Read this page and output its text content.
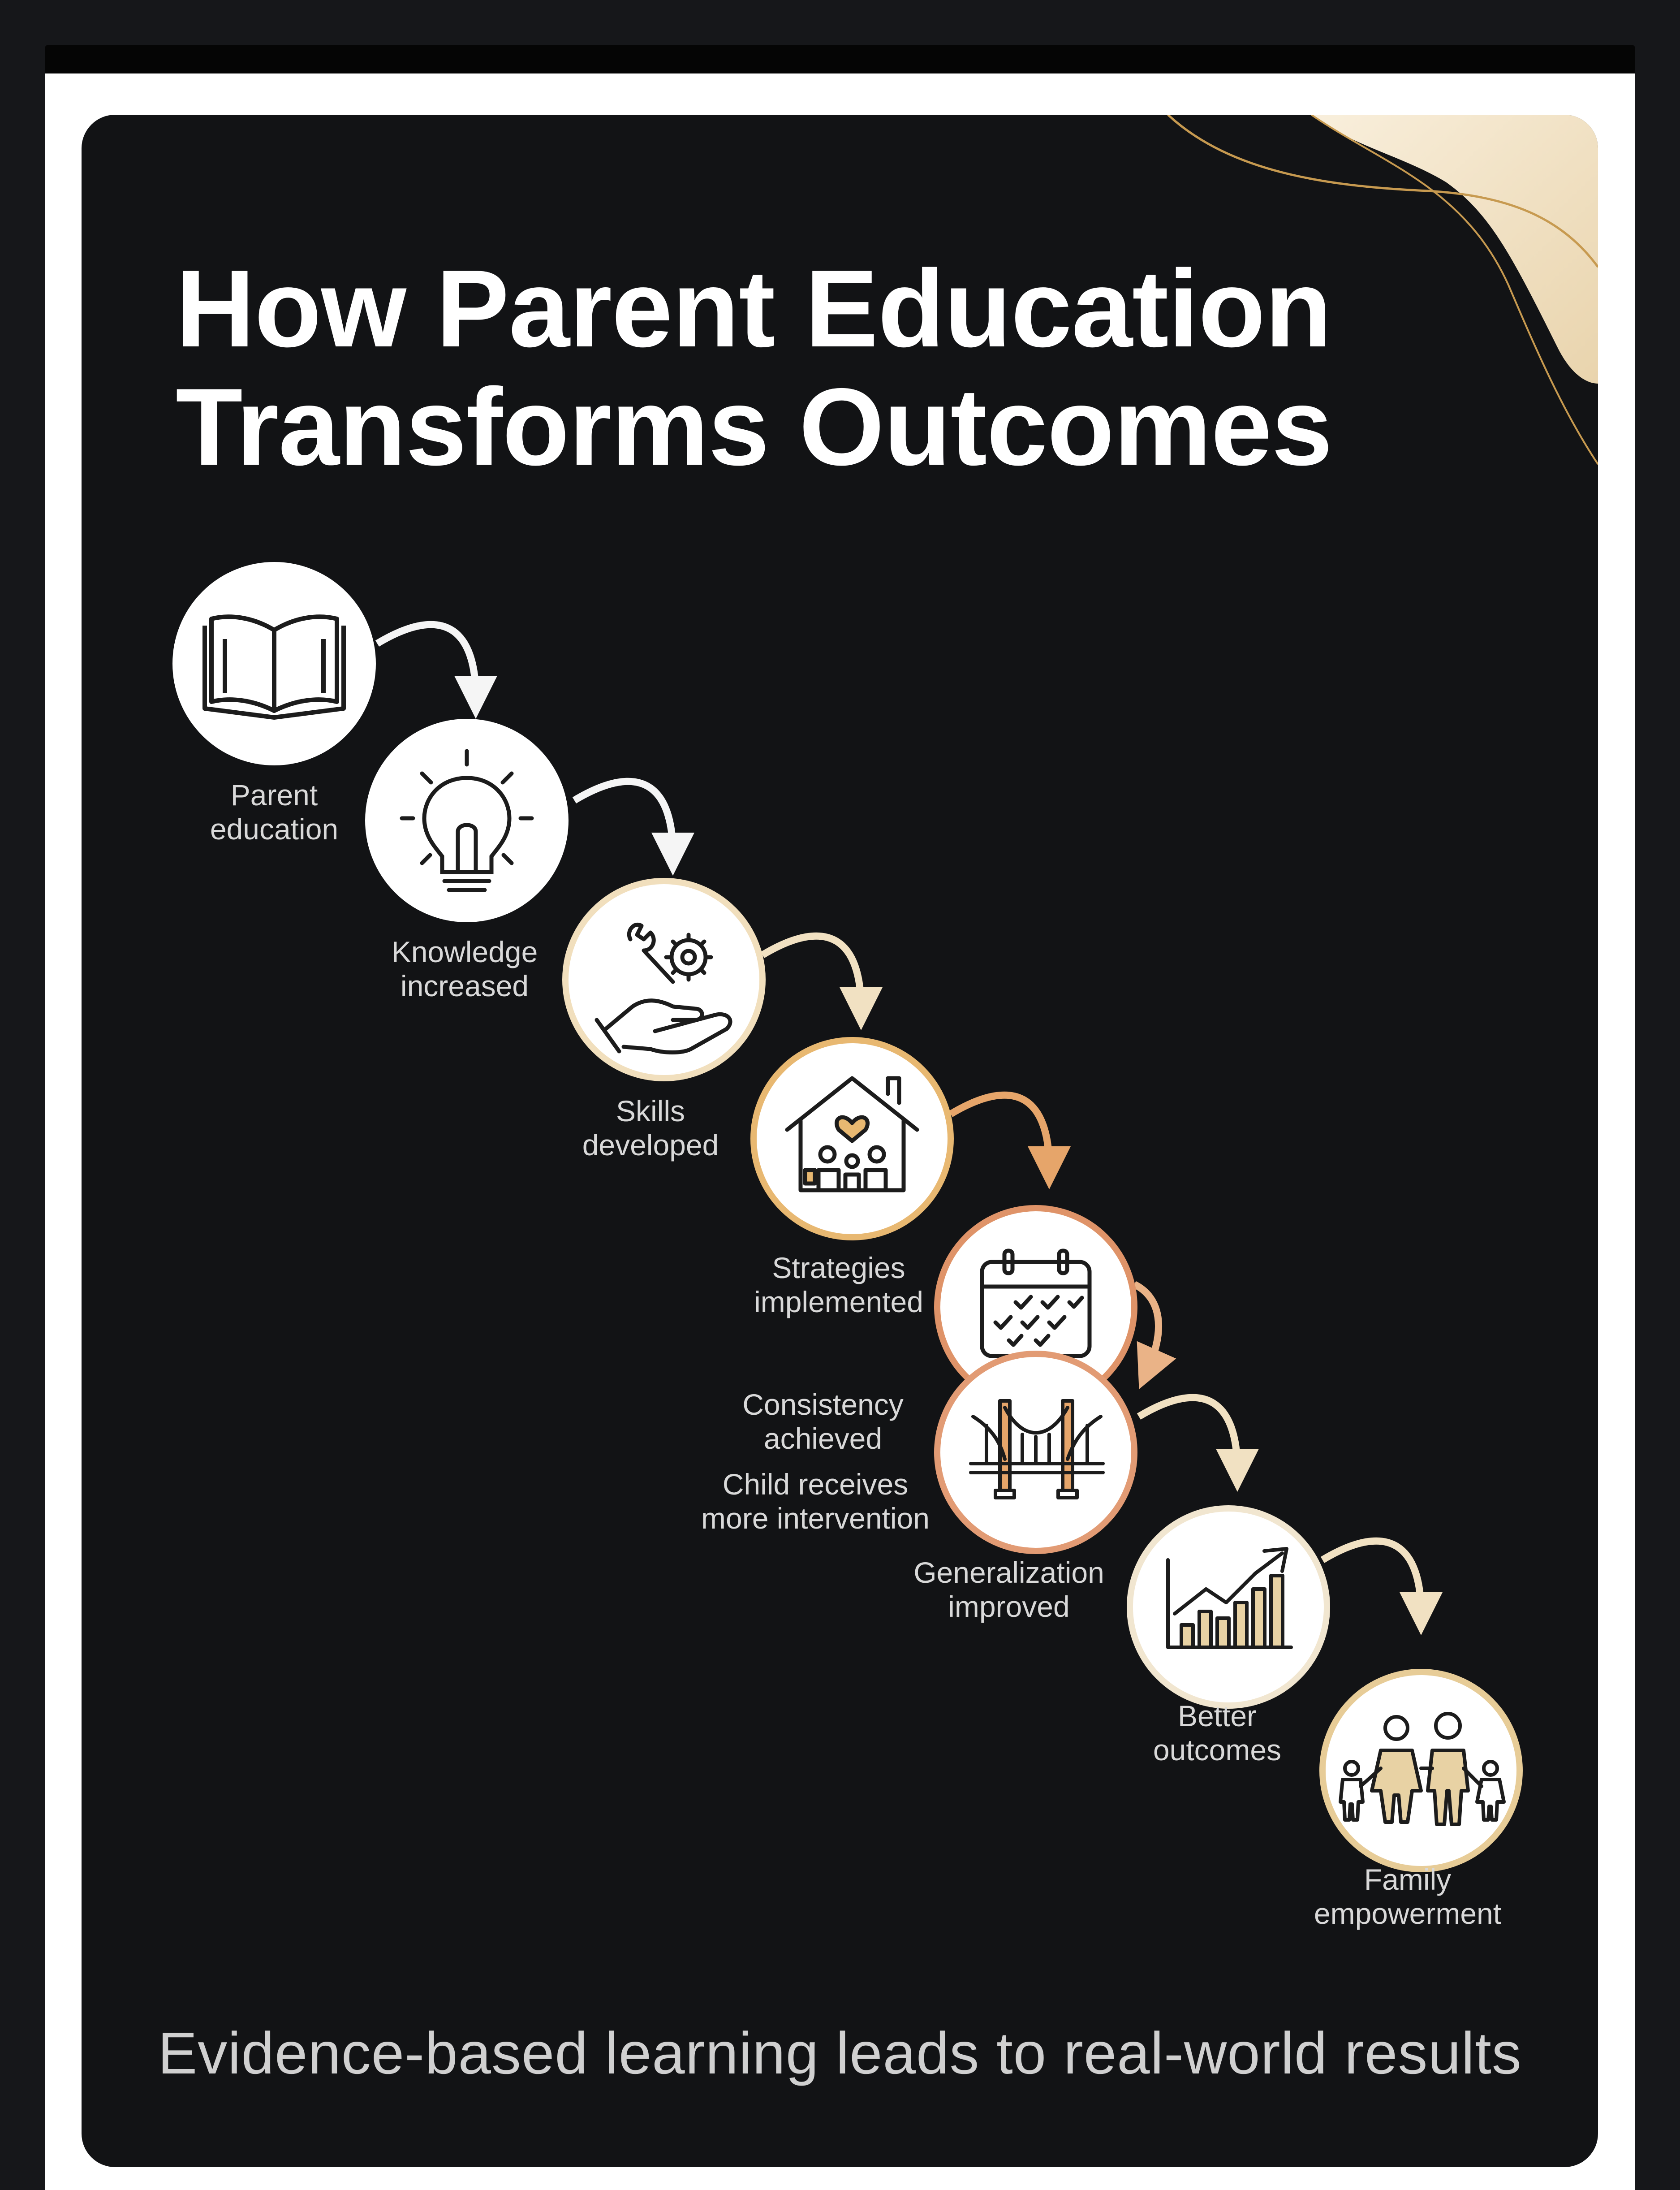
How Parent Education
Transforms Outcomes
Parent
education
Knowledge
increased
Skills
developed
Strategies
implemented
Consistency
achieved
Child receives
more intervention
Generalization
improved
Better
outcomes
Family
empowerment
Evidence-based learning leads to real-world results
